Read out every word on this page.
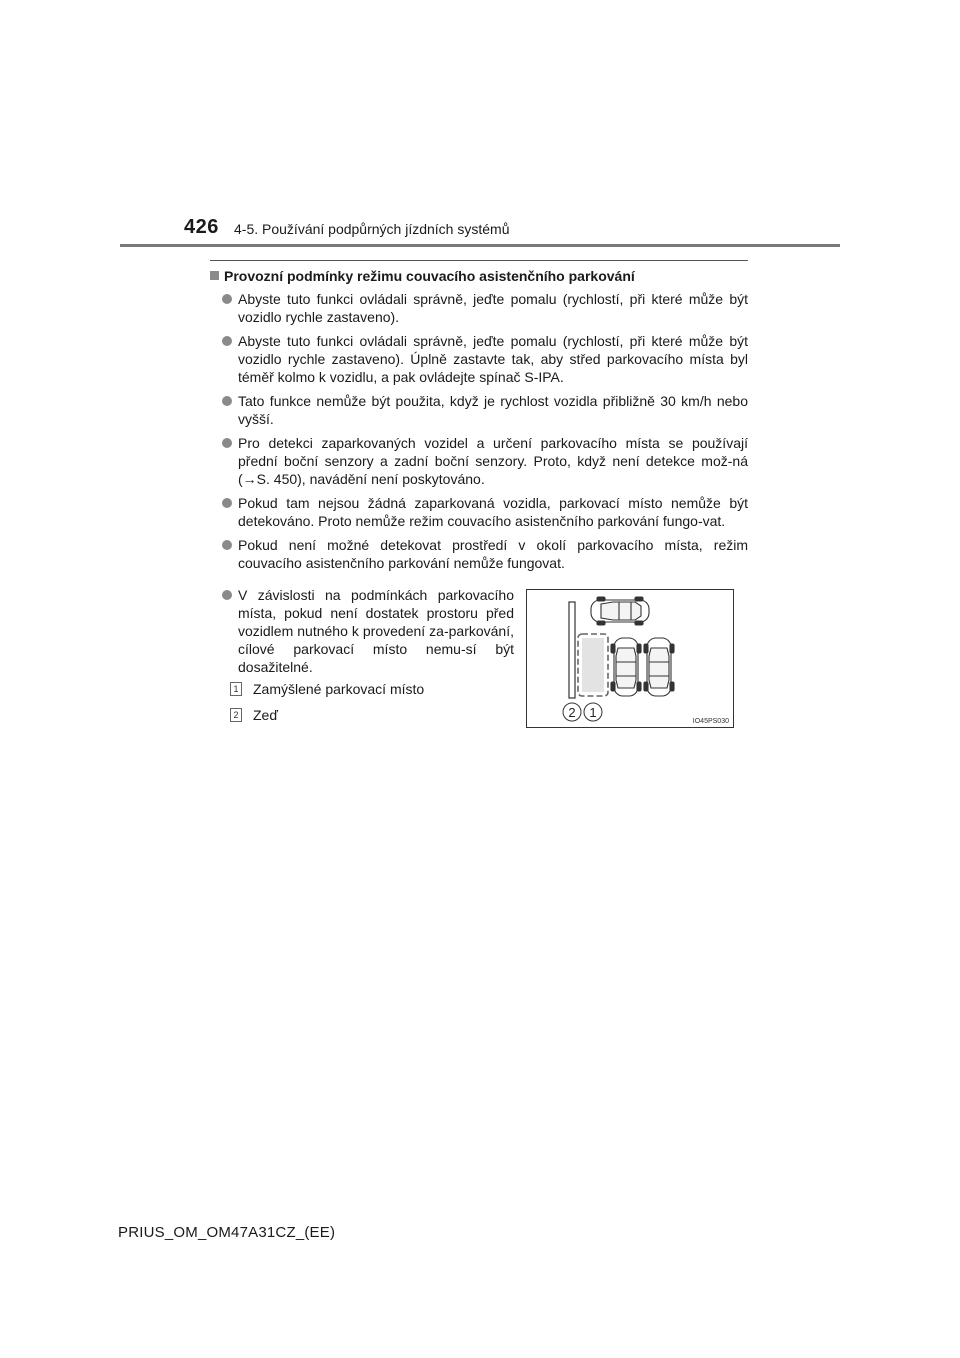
426 4-5. Používání podpůrných jízdních systémů
Provozní podmínky režimu couvacího asistenčního parkování
Abyste tuto funkci ovládali správně, jeďte pomalu (rychlostí, při které může být vozidlo rychle zastaveno).
Abyste tuto funkci ovládali správně, jeďte pomalu (rychlostí, při které může být vozidlo rychle zastaveno). Úplně zastavte tak, aby střed parkovacího místa byl téměř kolmo k vozidlu, a pak ovládejte spínač S-IPA.
Tato funkce nemůže být použita, když je rychlost vozidla přibližně 30 km/h nebo vyšší.
Pro detekci zaparkovaných vozidel a určení parkovacího místa se používají přední boční senzory a zadní boční senzory. Proto, když není detekce mož-ná (→S. 450), navádění není poskytováno.
Pokud tam nejsou žádná zaparkovaná vozidla, parkovací místo nemůže být detekováno. Proto nemůže režim couvacího asistenčního parkování fungo-vat.
Pokud není možné detekovat prostředí v okolí parkovacího místa, režim couvacího asistenčního parkování nemůže fungovat.
V závislosti na podmínkách parkovacího místa, pokud není dostatek prostoru před vozidlem nutného k provedení za-parkování, cílové parkovací místo nemu-sí být dosažitelné.
1 Zamýšlené parkovací místo
2 Zeď	2 1
IO45PS030
PRIUS_OM_OM47A31CZ_(EE)
